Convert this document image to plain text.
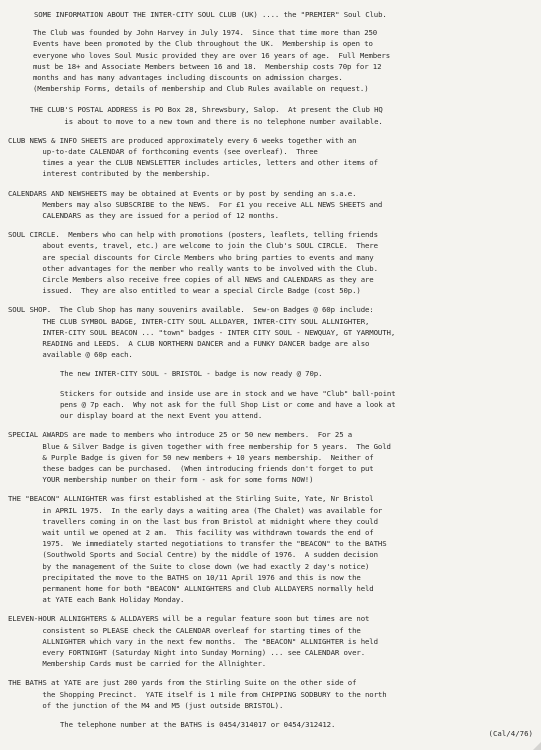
SOME INFORMATION ABOUT THE INTER-CITY SOUL CLUB (UK) .... the "PREMIER" Soul Club.
The Club was founded by John Harvey in July 1974.  Since that time more than 250
Events have been promoted by the Club throughout the UK.  Membership is open to
everyone who loves Soul Music provided they are over 16 years of age.  Full Members
must be 18+ and Associate Members between 16 and 18.  Membership costs 70p for 12
months and has many advantages including discounts on admission charges.
(Membership Forms, details of membership and Club Rules available on request.)
THE CLUB'S POSTAL ADDRESS is PO Box 28, Shrewsbury, Salop.  At present the Club HQ
is about to move to a new town and there is no telephone number available.
CLUB NEWS & INFO SHEETS are produced approximately every 6 weeks together with an
up-to-date CALENDAR of forthcoming events (see overleaf).  Three
times a year the CLUB NEWSLETTER includes articles, letters and other items of
interest contributed by the membership.
CALENDARS AND NEWSHEETS may be obtained at Events or by post by sending an s.a.e.
Members may also SUBSCRIBE to the NEWS.  For £1 you receive ALL NEWS SHEETS and
CALENDARS as they are issued for a period of 12 months.
SOUL CIRCLE.  Members who can help with promotions (posters, leaflets, telling friends
about events, travel, etc.) are welcome to join the Club's SOUL CIRCLE.  There
are special discounts for Circle Members who bring parties to events and many
other advantages for the member who really wants to be involved with the Club.
Circle Members also receive free copies of all NEWS and CALENDARS as they are
issued.  They are also entitled to wear a special Circle Badge (cost 50p.)
SOUL SHOP.  The Club Shop has many souvenirs available.  Sew-on Badges @ 60p include:
THE CLUB SYMBOL BADGE, INTER-CITY SOUL ALLDAYER, INTER-CITY SOUL ALLNIGHTER,
INTER-CITY SOUL BEACON ... "town" badges - INTER CITY SOUL - NEWQUAY, GT YARMOUTH,
READING and LEEDS.  A CLUB NORTHERN DANCER and a FUNKY DANCER badge are also
available @ 60p each.
The new INTER-CITY SOUL - BRISTOL - badge is now ready @ 70p.
Stickers for outside and inside use are in stock and we have "Club" ball-point
pens @ 7p each.  Why not ask for the full Shop List or come and have a look at
our display board at the next Event you attend.
SPECIAL AWARDS are made to members who introduce 25 or 50 new members.  For 25 a
Blue & Silver Badge is given together with free membership for 5 years.  The Gold
& Purple Badge is given for 50 new members + 10 years membership.  Neither of
these badges can be purchased.  (When introducing friends don't forget to put
YOUR membership number on their form - ask for some forms NOW!)
THE "BEACON" ALLNIGHTER was first established at the Stirling Suite, Yate, Nr Bristol
in APRIL 1975.  In the early days a waiting area (The Chalet) was available for
travellers coming in on the last bus from Bristol at midnight where they could
wait until we opened at 2 am.  This facility was withdrawn towards the end of
1975.  We immediately started negotiations to transfer the "BEACON" to the BATHS
(Southwold Sports and Social Centre) by the middle of 1976.  A sudden decision
by the management of the Suite to close down (we had exactly 2 day's notice)
precipitated the move to the BATHS on 10/11 April 1976 and this is now the
permanent home for both "BEACON" ALLNIGHTERS and Club ALLDAYERS normally held
at YATE each Bank Holiday Monday.
ELEVEN-HOUR ALLNIGHTERS & ALLDAYERS will be a regular feature soon but times are not
consistent so PLEASE check the CALENDAR overleaf for starting times of the
ALLNIGHTER which vary in the next few months.  The "BEACON" ALLNIGHTER is held
every FORTNIGHT (Saturday Night into Sunday Morning) ... see CALENDAR over.
Membership Cards must be carried for the Allnighter.
THE BATHS at YATE are just 200 yards from the Stirling Suite on the other side of
the Shopping Precinct.  YATE itself is 1 mile from CHIPPING SODBURY to the north
of the junction of the M4 and M5 (just outside BRISTOL).
The telephone number at the BATHS is 0454/314017 or 0454/312412.
(Cal/4/76)
